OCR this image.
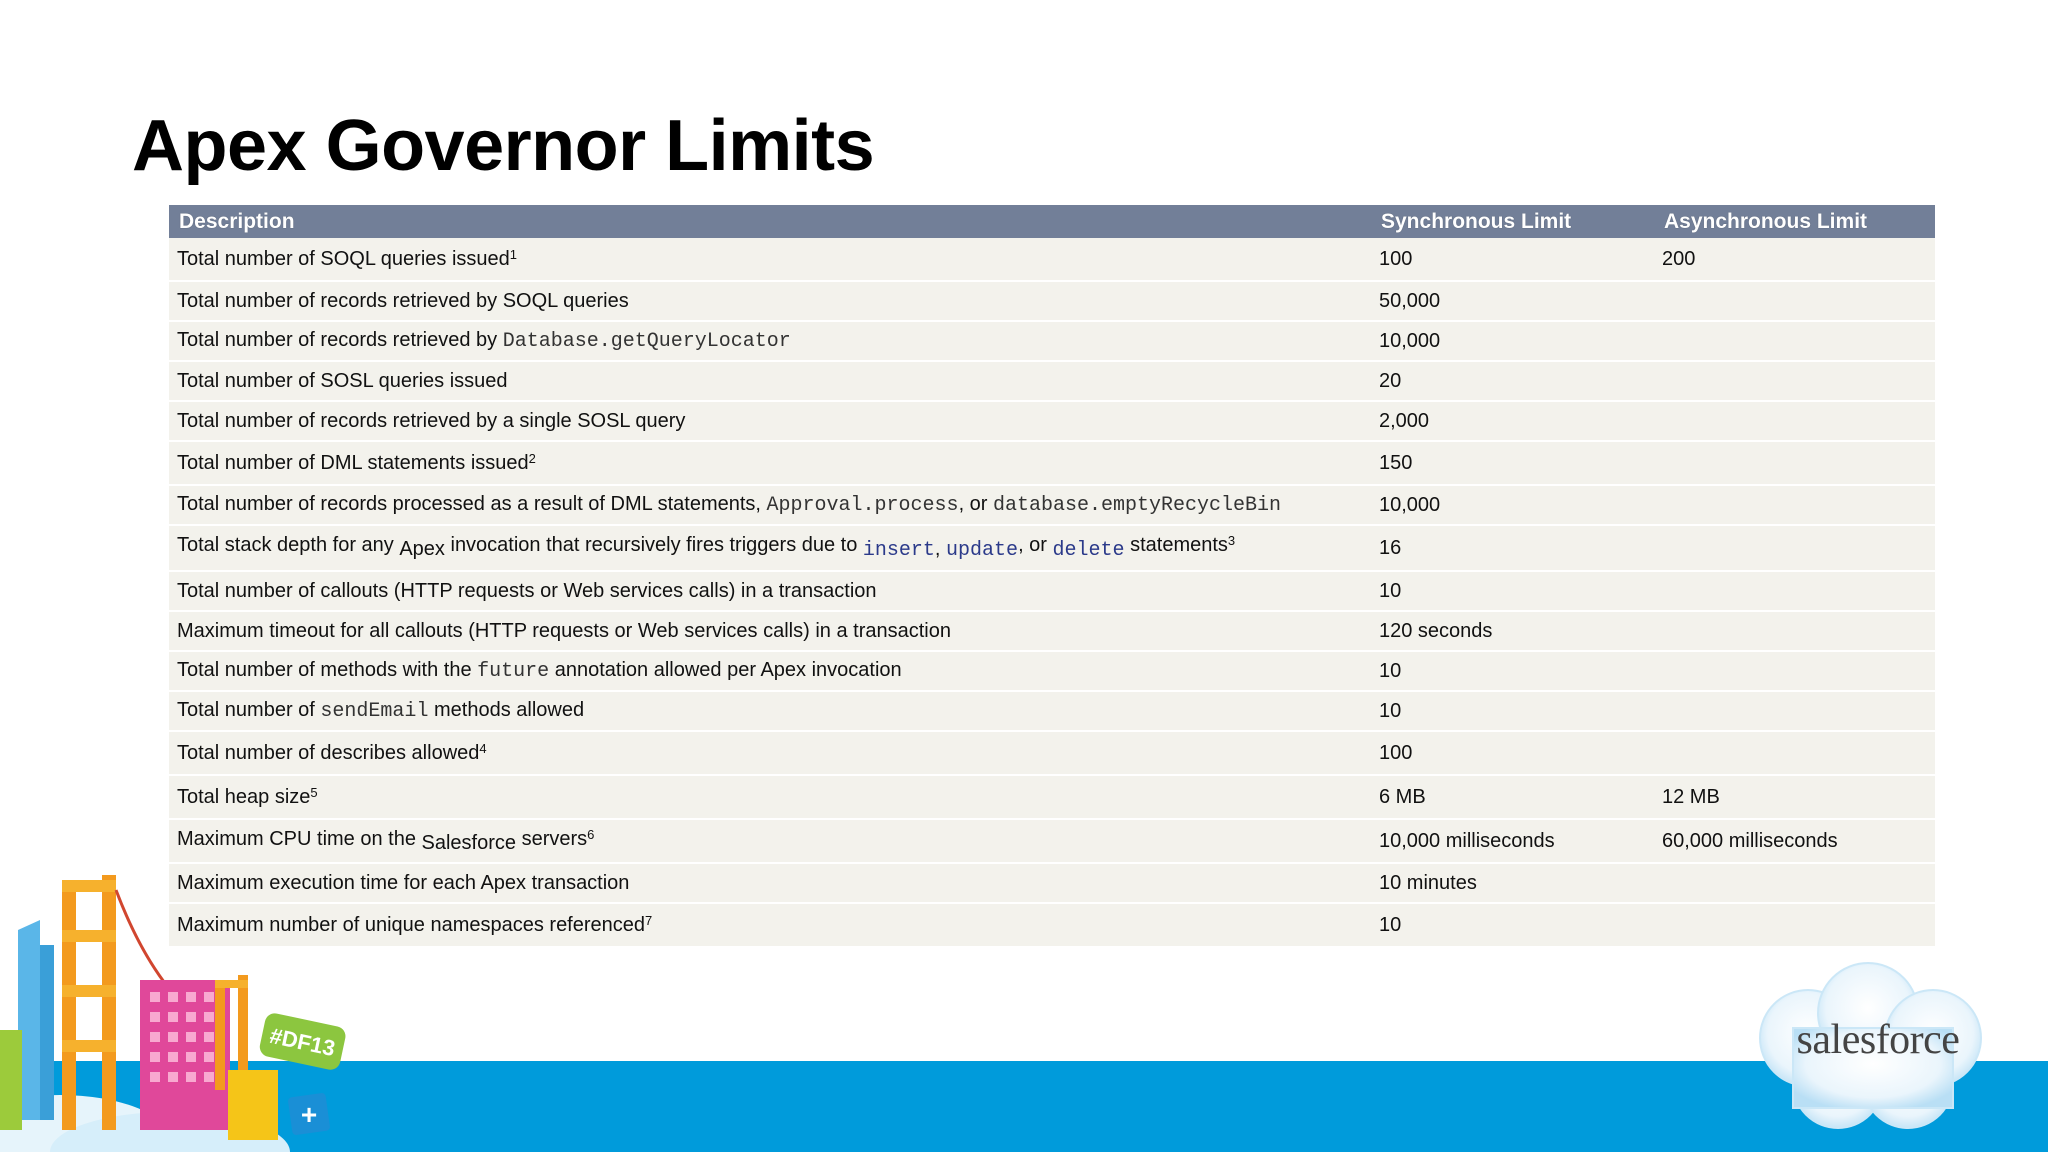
Apex Governor Limits
Description	Synchronous Limit	Asynchronous Limit
Total number of SOQL queries issued$^1$	100	200
Total number of records retrieved by SOQL queries	50,000	
Total number of records retrieved by Database.getQueryLocator	10,000	
Total number of SOSL queries issued	20	
Total number of records retrieved by a single SOSL query	2,000	
Total number of DML statements issued$^2$	150	
Total number of records processed as a result of DML statements, Approval.process, or database.emptyRecycleBin	10,000	
Total stack depth for any Apex invocation that recursively fires triggers due to insert, update, or delete statements$^3$	16	
Total number of callouts (HTTP requests or Web services calls) in a transaction	10	
Maximum timeout for all callouts (HTTP requests or Web services calls) in a transaction	120 seconds	
Total number of methods with the future annotation allowed per Apex invocation	10	
Total number of sendEmail methods allowed	10	
Total number of describes allowed$^4$	100	
Total heap size$^5$	6 MB	12 MB
Maximum CPU time on the Salesforce servers$^6$	10,000 milliseconds	60,000 milliseconds
Maximum execution time for each Apex transaction	10 minutes	
Maximum number of unique namespaces referenced$^7$	10	
#DF13
+
salesforce
